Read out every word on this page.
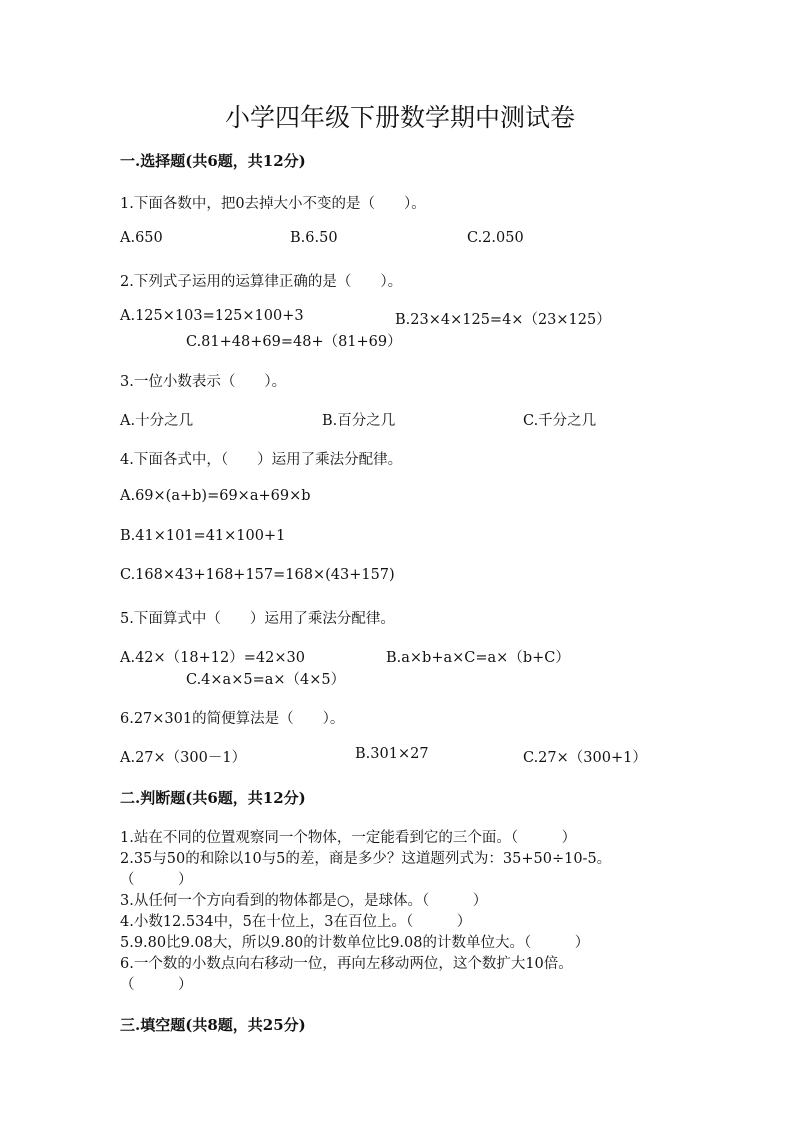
小学四年级下册数学期中测试卷
一.选择题(共6题，共12分)
1.下面各数中，把0去掉大小不变的是（　　）。
A.650	B.6.50	C.2.050
2.下列式子运用的运算律正确的是（　　）。
A.125×103=125×100+3	B.23×4×125=4×（23×125）
C.81+48+69=48+（81+69）
3.一位小数表示（　　）。
A.十分之几	B.百分之几	C.千分之几
4.下面各式中，（　　）运用了乘法分配律。
A.69×(a+b)=69×a+69×b
B.41×101=41×100+1
C.168×43+168+157=168×(43+157)
5.下面算式中（　　）运用了乘法分配律。
A.42×（18+12）=42×30	B.a×b+a×C=a×（b+C）
C.4×a×5=a×（4×5）
6.27×301的简便算法是（　　）。
A.27×（300－1）	B.301×27	C.27×（300+1）
二.判断题(共6题，共12分)
1.站在不同的位置观察同一个物体，一定能看到它的三个面。（　　　）
2.35与50的和除以10与5的差，商是多少？这道题列式为：35+50÷10-5。
（　　　）
3.从任何一个方向看到的物体都是○，是球体。（　　　）
4.小数12.534中，5在十位上，3在百位上。（　　　）
5.9.80比9.08大，所以9.80的计数单位比9.08的计数单位大。（　　　）
6.一个数的小数点向右移动一位，再向左移动两位，这个数扩大10倍。
（　　　）
三.填空题(共8题，共25分)
